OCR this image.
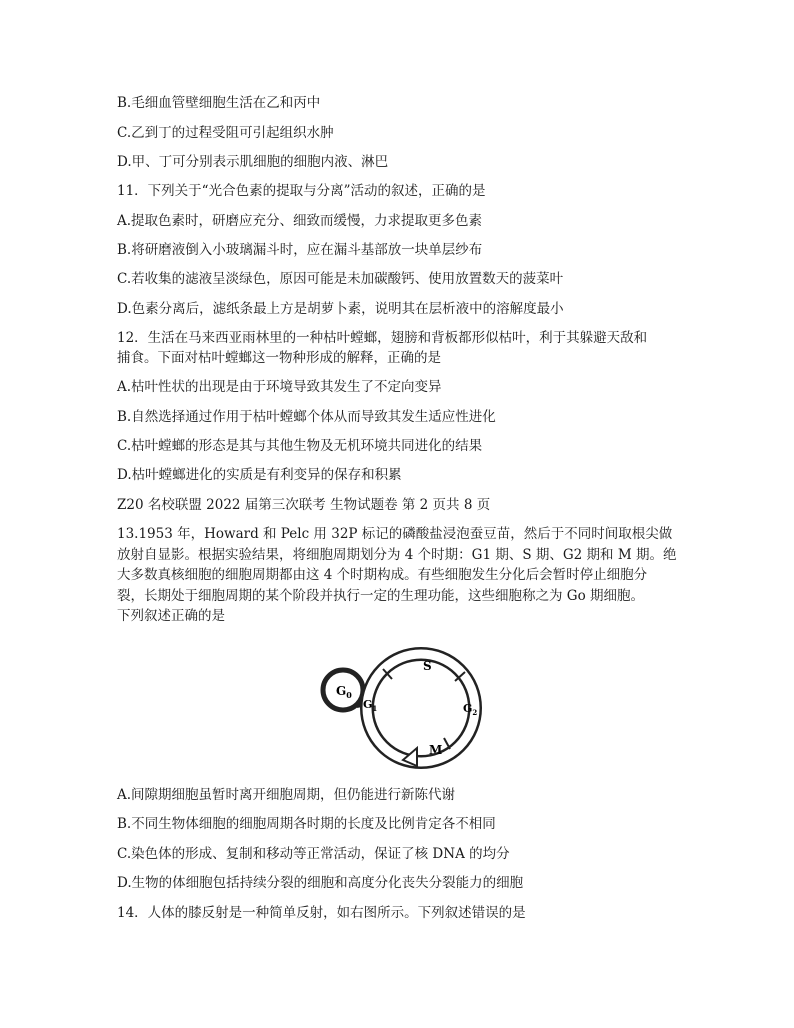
B.毛细血管壁细胞生活在乙和丙中
C.乙到丁的过程受阻可引起组织水肿
D.甲、丁可分别表示肌细胞的细胞内液、淋巴
11．下列关于“光合色素的提取与分离”活动的叙述，正确的是
A.提取色素时，研磨应充分、细致而缓慢，力求提取更多色素
B.将研磨液倒入小玻璃漏斗时，应在漏斗基部放一块单层纱布
C.若收集的滤液呈淡绿色，原因可能是未加碳酸钙、使用放置数天的菠菜叶
D.色素分离后，滤纸条最上方是胡萝卜素，说明其在层析液中的溶解度最小
12．生活在马来西亚雨林里的一种枯叶螳螂，翅膀和背板都形似枯叶，利于其躲避天敌和
捕食。下面对枯叶螳螂这一物种形成的解释，正确的是
A.枯叶性状的出现是由于环境导致其发生了不定向变异
B.自然选择通过作用于枯叶螳螂个体从而导致其发生适应性进化
C.枯叶螳螂的形态是其与其他生物及无机环境共同进化的结果
D.枯叶螳螂进化的实质是有利变异的保存和积累
Z20 名校联盟 2022 届第三次联考 生物试题卷 第 2 页共 8 页
13.1953 年，Howard 和 Pelc 用 32P 标记的磷酸盐浸泡蚕豆苗，然后于不同时间取根尖做
放射自显影。根据实验结果，将细胞周期划分为 4 个时期：G1 期、S 期、G2 期和 M 期。绝
大多数真核细胞的细胞周期都由这 4 个时期构成。有些细胞发生分化后会暂时停止细胞分
裂，长期处于细胞周期的某个阶段并执行一定的生理功能，这些细胞称之为 Go 期细胞。
下列叙述正确的是
S
$G_0$
$G_1$	$G_2$
M
A.间隙期细胞虽暂时离开细胞周期，但仍能进行新陈代谢
B.不同生物体细胞的细胞周期各时期的长度及比例肯定各不相同
C.染色体的形成、复制和移动等正常活动，保证了核 DNA 的均分
D.生物的体细胞包括持续分裂的细胞和高度分化丧失分裂能力的细胞
14．人体的膝反射是一种简单反射，如右图所示。下列叙述错误的是
